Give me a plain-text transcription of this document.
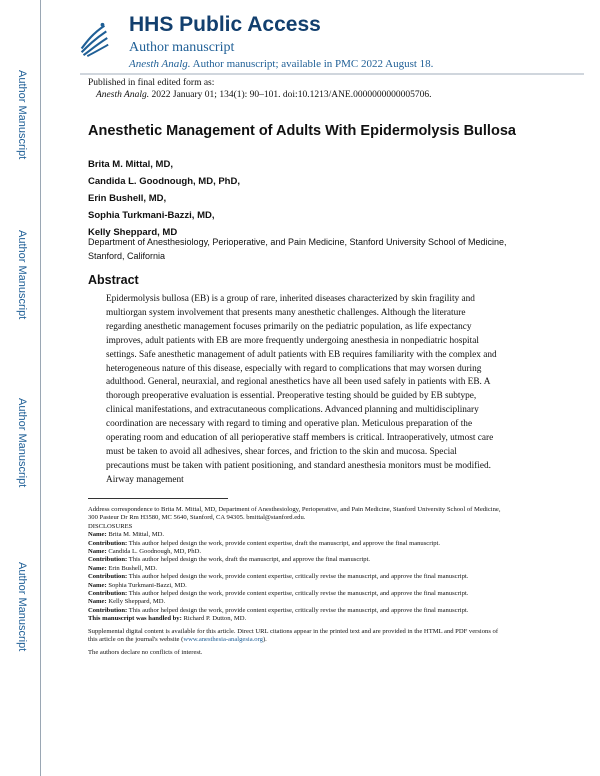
Author Manuscript
Author Manuscript
Author Manuscript
Author Manuscript
HHS Public Access
Author manuscript
Anesth Analg. Author manuscript; available in PMC 2022 August 18.
Published in final edited form as:
Anesth Analg. 2022 January 01; 134(1): 90–101. doi:10.1213/ANE.0000000000005706.
Anesthetic Management of Adults With Epidermolysis Bullosa
Brita M. Mittal, MD,
Candida L. Goodnough, MD, PhD,
Erin Bushell, MD,
Sophia Turkmani-Bazzi, MD,
Kelly Sheppard, MD
Department of Anesthesiology, Perioperative, and Pain Medicine, Stanford University School of Medicine, Stanford, California
Abstract

Epidermolysis bullosa (EB) is a group of rare, inherited diseases characterized by skin fragility and multiorgan system involvement that presents many anesthetic challenges. Although the literature regarding anesthetic management focuses primarily on the pediatric population, as life expectancy improves, adult patients with EB are more frequently undergoing anesthesia in nonpediatric hospital settings. Safe anesthetic management of adult patients with EB requires familiarity with the complex and heterogeneous nature of this disease, especially with regard to complications that may worsen during adulthood. General, neuraxial, and regional anesthetics have all been used safely in patients with EB. A thorough preoperative evaluation is essential. Preoperative testing should be guided by EB subtype, clinical manifestations, and extracutaneous complications. Advanced planning and multidisciplinary coordination are necessary with regard to timing and operative plan. Meticulous preparation of the operating room and education of all perioperative staff members is critical. Intraoperatively, utmost care must be taken to avoid all adhesives, shear forces, and friction to the skin and mucosa. Special precautions must be taken with patient positioning, and standard anesthesia monitors must be modified. Airway management

Address correspondence to Brita M. Mittal, MD, Department of Anesthesiology, Perioperative, and Pain Medicine, Stanford University School of Medicine, 300 Pasteur Dr Rm H3580, MC 5640, Stanford, CA 94305. bmittal@stanford.edu.

DISCLOSURES

Name: Brita M. Mittal, MD.

Contribution: This author helped design the work, provide content expertise, draft the manuscript, and approve the final manuscript.

Name: Candida L. Goodnough, MD, PhD.

Contribution: This author helped design the work, draft the manuscript, and approve the final manuscript.

Name: Erin Bushell, MD.

Contribution: This author helped design the work, provide content expertise, critically revise the manuscript, and approve the final manuscript.

Name: Sophia Turkmani-Bazzi, MD.

Contribution: This author helped design the work, provide content expertise, critically revise the manuscript, and approve the final manuscript.

Name: Kelly Sheppard, MD.

Contribution: This author helped design the work, provide content expertise, critically revise the manuscript, and approve the final manuscript.

This manuscript was handled by: Richard P. Dutton, MD.

Supplemental digital content is available for this article. Direct URL citations appear in the printed text and are provided in the HTML and PDF versions of this article on the journal's website (www.anesthesia-analgesia.org).

The authors declare no conflicts of interest.
